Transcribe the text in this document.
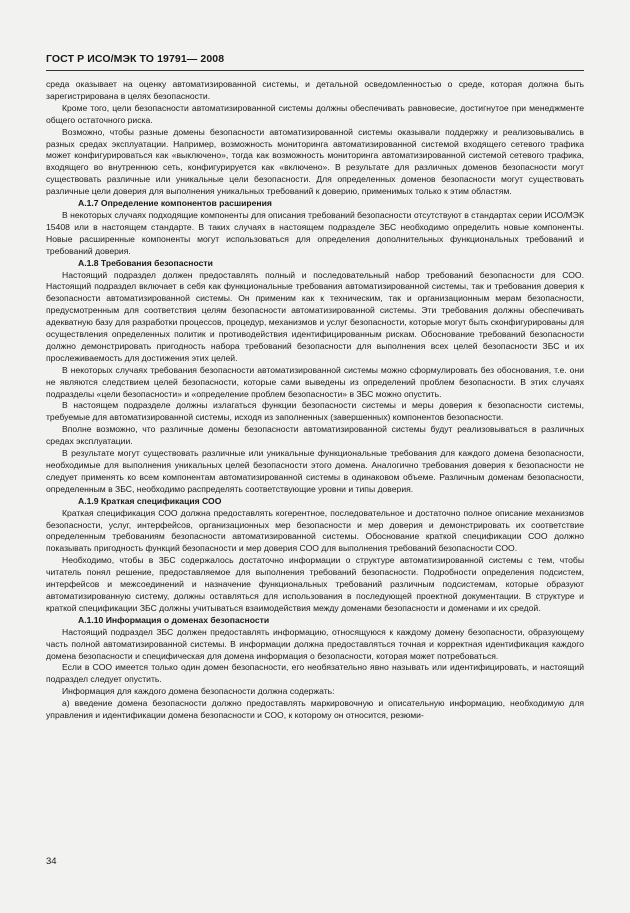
ГОСТ Р ИСО/МЭК ТО 19791— 2008

среда оказывает на оценку автоматизированной системы, и детальной осведомленностью о среде, которая должна быть зарегистрирована в целях безопасности.

Кроме того, цели безопасности автоматизированной системы должны обеспечивать равновесие, достигнутое при менеджменте общего остаточного риска.

Возможно, чтобы разные домены безопасности автоматизированной системы оказывали поддержку и реализовывались в разных средах эксплуатации. Например, возможность мониторинга автоматизированной системой входящего сетевого трафика может конфигурироваться как «выключено», тогда как возможность мониторинга автоматизированной системой сетевого трафика, входящего во внутреннюю сеть, конфигурируется как «включено». В результате для различных доменов безопасности могут существовать различные или уникальные цели безопасности. Для определенных доменов безопасности могут существовать различные цели доверия для выполнения уникальных требований к доверию, применимых только к этим областям.

А.1.7 Определение компонентов расширения

В некоторых случаях подходящие компоненты для описания требований безопасности отсутствуют в стандартах серии ИСО/МЭК 15408 или в настоящем стандарте. В таких случаях в настоящем подразделе ЗБС необходимо определить новые компоненты. Новые расширенные компоненты могут использоваться для определения дополнительных функциональных требований и требований доверия.

А.1.8 Требования безопасности

Настоящий подраздел должен предоставлять полный и последовательный набор требований безопасности для СОО. Настоящий подраздел включает в себя как функциональные требования автоматизированной системы, так и требования доверия к безопасности автоматизированной системы. Он применим как к техническим, так и организационным мерам безопасности, предусмотренным для соответствия целям безопасности автоматизированной системы. Эти требования должны обеспечивать адекватную базу для разработки процессов, процедур, механизмов и услуг безопасности, которые могут быть сконфигурированы для осуществления определенных политик и противодействия идентифицированным рискам. Обоснование требований безопасности должно демонстрировать пригодность набора требований безопасности для выполнения всех целей безопасности ЗБС и их прослеживаемость для достижения этих целей.

В некоторых случаях требования безопасности автоматизированной системы можно сформулировать без обоснования, т.е. они не являются следствием целей безопасности, которые сами выведены из определений проблем безопасности. В этих случаях подразделы «цели безопасности» и «определение проблем безопасности» в ЗБС можно опустить.

В настоящем подразделе должны излагаться функции безопасности системы и меры доверия к безопасности системы, требуемые для автоматизированной системы, исходя из заполненных (завершенных) компонентов безопасности.

Вполне возможно, что различные домены безопасности автоматизированной системы будут реализовываться в различных средах эксплуатации.

В результате могут существовать различные или уникальные функциональные требования для каждого домена безопасности, необходимые для выполнения уникальных целей безопасности этого домена. Аналогично требования доверия к безопасности не следует применять ко всем компонентам автоматизированной системы в одинаковом объеме. Различным доменам безопасности, определенным в ЗБС, необходимо распределять соответствующие уровни и типы доверия.

А.1.9 Краткая спецификация СОО

Краткая спецификация СОО должна предоставлять когерентное, последовательное и достаточно полное описание механизмов безопасности, услуг, интерфейсов, организационных мер безопасности и мер доверия и демонстрировать их соответствие определенным требованиям безопасности автоматизированной системы. Обоснование краткой спецификации СОО должно показывать пригодность функций безопасности и мер доверия СОО для выполнения требований безопасности СОО.

Необходимо, чтобы в ЗБС содержалось достаточно информации о структуре автоматизированной системы с тем, чтобы читатель понял решение, предоставляемое для выполнения требований безопасности. Подробности определения подсистем, интерфейсов и межсоединений и назначение функциональных требований различным подсистемам, которые образуют автоматизированную систему, должны оставляться для использования в последующей проектной документации. В структуре и краткой спецификации ЗБС должны учитываться взаимодействия между доменами безопасности и доменами и их средой.

А.1.10 Информация о доменах безопасности

Настоящий подраздел ЗБС должен предоставлять информацию, относящуюся к каждому домену безопасности, образующему часть полной автоматизированной системы. В информации должна предоставляться точная и корректная идентификация каждого домена безопасности и специфическая для домена информация о безопасности, которая может потребоваться.

Если в СОО имеется только один домен безопасности, его необязательно явно называть или идентифицировать, и настоящий подраздел следует опустить.

Информация для каждого домена безопасности должна содержать:

а) введение домена безопасности должно предоставлять маркировочную и описательную информацию, необходимую для управления и идентификации домена безопасности и СОО, к которому он относится, резюми-

34
